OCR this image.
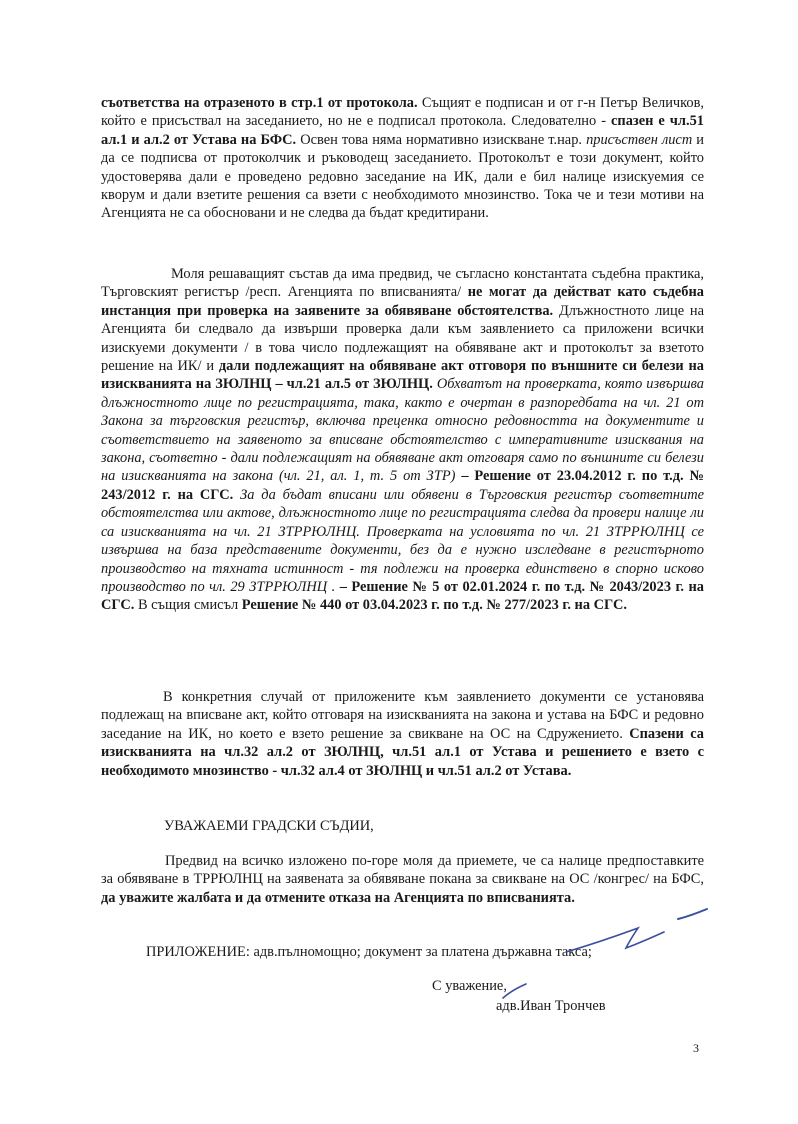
съответства на отразеното в стр.1 от протокола. Същият е подписан и от г-н Петър Величков, който е присъствал на заседанието, но не е подписал протокола. Следователно - спазен е чл.51 ал.1 и ал.2 от Устава на БФС. Освен това няма нормативно изискване т.нар. присъствен лист и да се подписва от протоколчик и ръководещ заседанието. Протоколът е този документ, който удостоверява дали е проведено редовно заседание на ИК, дали е бил налице изискуемия се кворум и дали взетите решения са взети с необходимото мнозинство. Тока че и тези мотиви на Агенцията не са обосновани и не следва да бъдат кредитирани.

Моля решаващият състав да има предвид, че съгласно константата съдебна практика, Търговският регистър /респ. Агенцията по вписванията/ не могат да действат като съдебна инстанция при проверка на заявените за обявяване обстоятелства. Длъжностното лице на Агенцията би следвало да извърши проверка дали към заявлението са приложени всички изискуеми документи / в това число подлежащият на обявяване акт и протоколът за взетото решение на ИК/ и дали подлежащият на обявяване акт отговоря по външните си белези на изискванията на ЗЮЛНЦ – чл.21 ал.5 от ЗЮЛНЦ. Обхватът на проверката, която извършва длъжностното лице по регистрацията, така, както е очертан в разпоредбата на чл. 21 от Закона за търговския регистър, включва преценка относно редовността на документите и съответствието на заявеното за вписване обстоятелство с императивните изисквания на закона, съответно - дали подлежащият на обявяване акт отговаря само по външните си белези на изискванията на закона (чл. 21, ал. 1, т. 5 от ЗТР) – Решение от 23.04.2012 г. по т.д. № 243/2012 г. на СГС. За да бъдат вписани или обявени в Търговския регистър съответните обстоятелства или актове, длъжностното лице по регистрацията следва да провери налице ли са изискванията на чл. 21 ЗТРРЮЛНЦ. Проверката на условията по чл. 21 ЗТРРЮЛНЦ се извършва на база представените документи, без да е нужно изследване в регистърното производство на тяхната истинност - тя подлежи на проверка единствено в спорно исково производство по чл. 29 ЗТРРЮЛНЦ . – Решение № 5 от 02.01.2024 г. по т.д. № 2043/2023 г. на СГС. В същия смисъл Решение № 440 от 03.04.2023 г. по т.д. № 277/2023 г. на СГС.

В конкретния случай от приложените към заявлението документи се установява подлежащ на вписване акт, който отговаря на изискванията на закона и устава на БФС и редовно заседание на ИК, но което е взето решение за свикване на ОС на Сдружението. Спазени са изискванията на чл.32 ал.2 от ЗЮЛНЦ, чл.51 ал.1 от Устава и решението е взето с необходимото мнозинство - чл.32 ал.4 от ЗЮЛНЦ и чл.51 ал.2 от Устава.

УВАЖАЕМИ ГРАДСКИ СЪДИИ,

Предвид на всичко изложено по-горе моля да приемете, че са налице предпоставките за обявяване в ТРРЮЛНЦ на заявената за обявяване покана за свикване на ОС /конгрес/ на БФС, да уважите жалбата и да отмените отказа на Агенцията по вписванията.

ПРИЛОЖЕНИЕ: адв.пълномощно; документ за платена държавна такса;
С уважение,
адв.Иван Трончев
3
